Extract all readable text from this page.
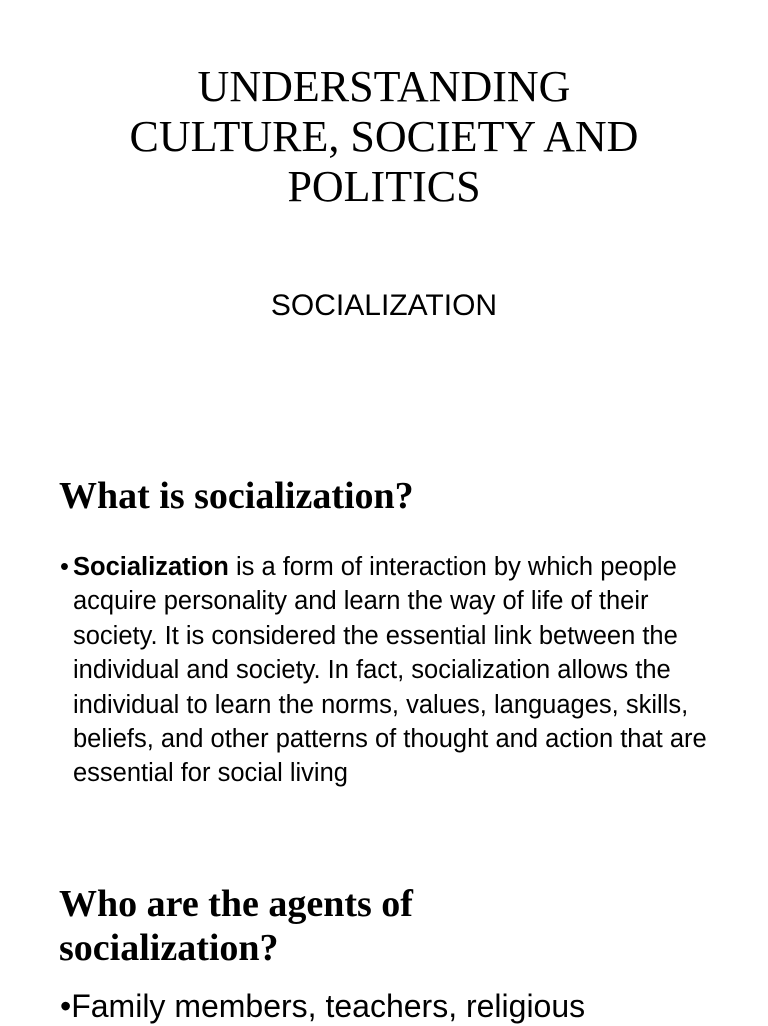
UNDERSTANDING
CULTURE, SOCIETY AND
POLITICS

SOCIALIZATION

What is socialization?

• Socialization is a form of interaction by which people acquire personality and learn the way of life of their society. It is considered the essential link between the individual and society. In fact, socialization allows the individual to learn the norms, values, languages, skills, beliefs, and other patterns of thought and action that are essential for social living

Who are the agents of
socialization?

•Family members, teachers, religious
